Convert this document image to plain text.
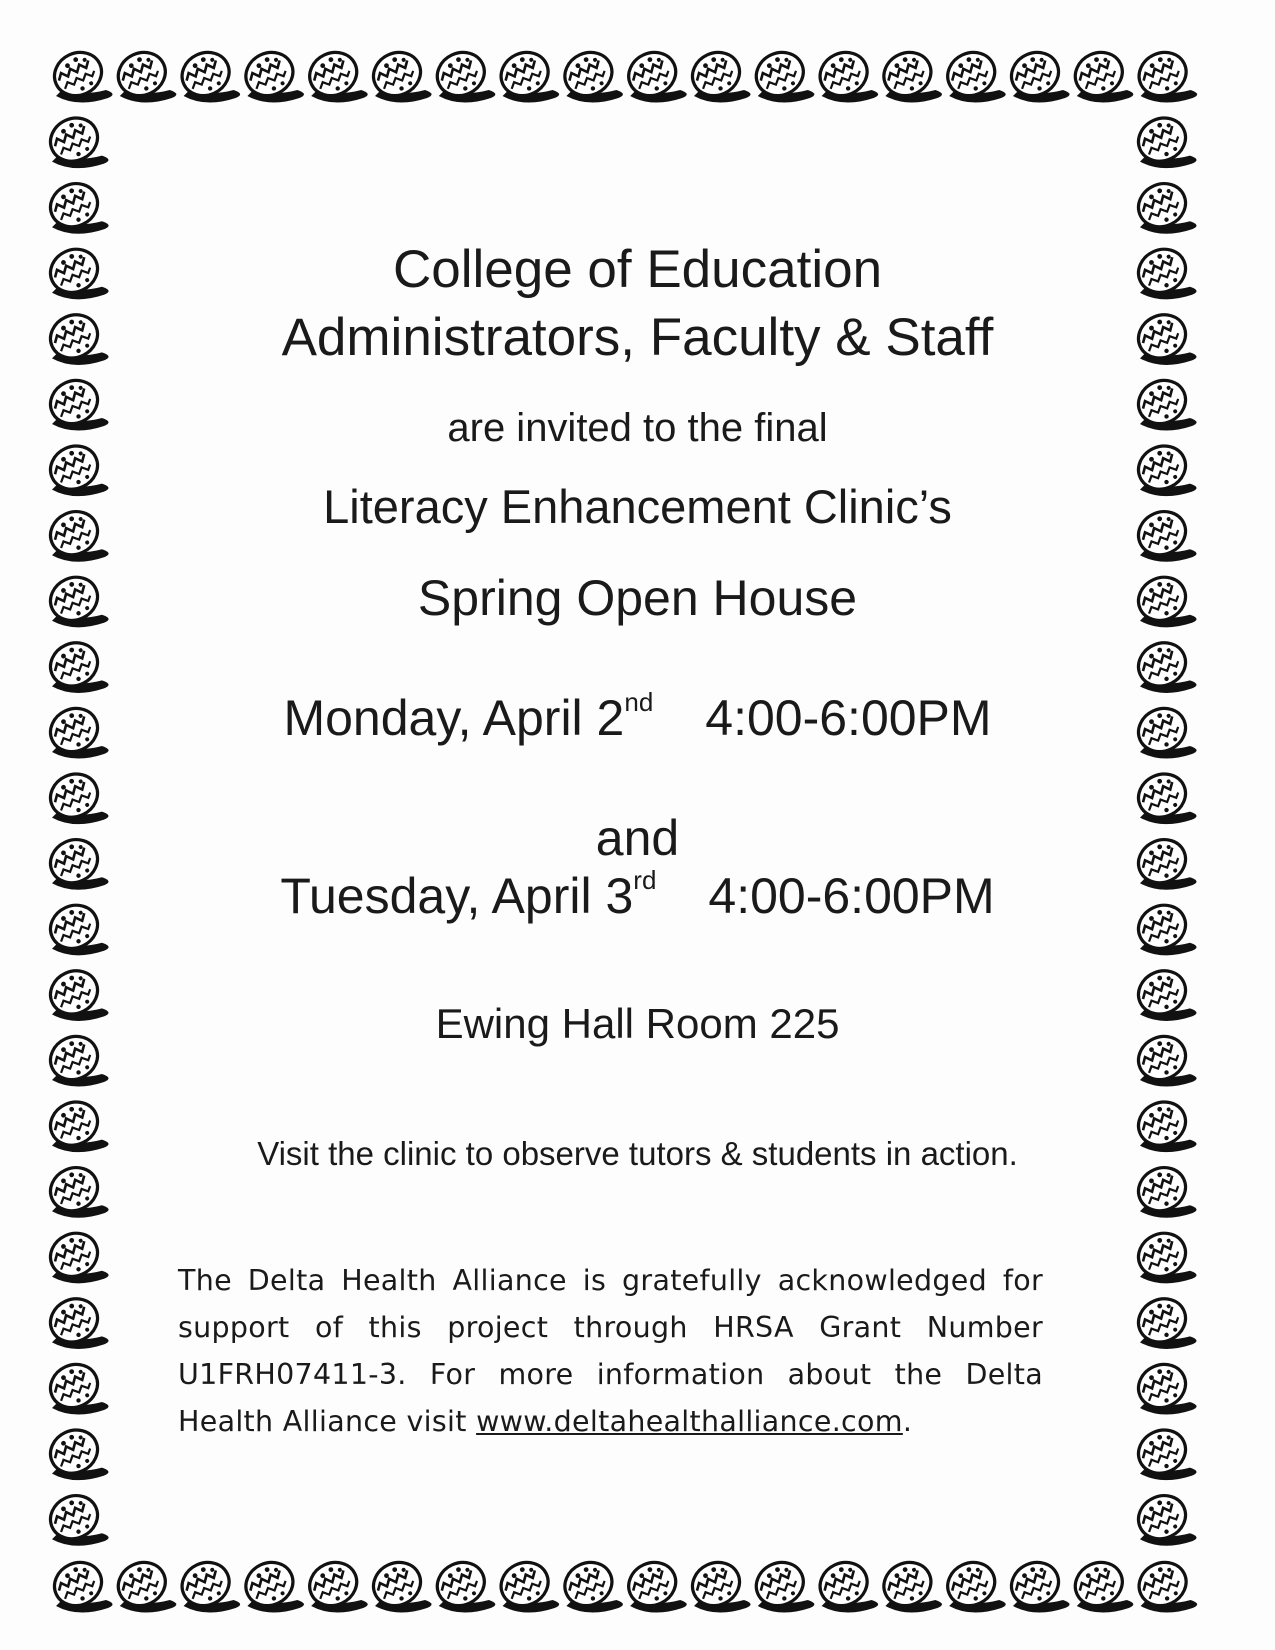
College of Education

Administrators, Faculty & Staff

are invited to the final

Literacy Enhancement Clinic’s

Spring Open House

Monday, April 2nd 4:00-6:00PM

and

Tuesday, April 3rd 4:00-6:00PM

Ewing Hall Room 225

Visit the clinic to observe tutors & students in action.

The Delta Health Alliance is gratefully acknowledged for support of this project through HRSA Grant Number U1FRH07411-3. For more information about the Delta Health Alliance visit www.deltahealthalliance.com.
